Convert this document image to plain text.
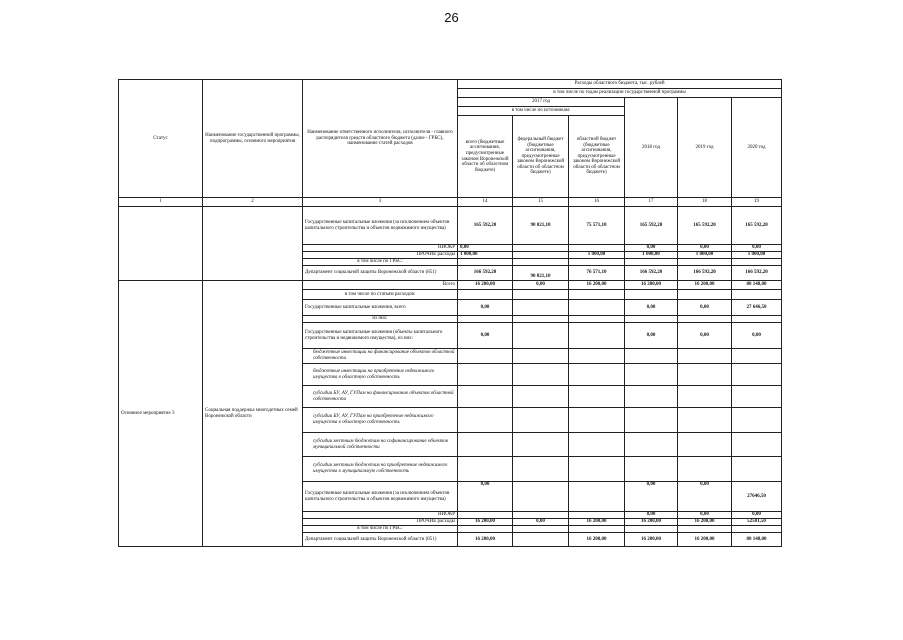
26
Статус	Наименование государственной программы, подпрограммы, основного мероприятия	Наименование ответственного исполнителя, исполнителя - главного распорядителя средств областного бюджета (далее - ГРБС), наименование статей расходов	Расходы областного бюджета, тыс. рублей					
			в том числе по годам реализации государственной программы					
			2017 год			2018 год	2019 год	2020 год
			в том числе по источникам:					
			всего (бюджетные ассигнования, предусмотренные законом Воронежской области об областном бюджете)	федеральный бюджет (бюджетные ассигнования, предусмотренные законом Воронежской области об областном бюджете)	областной бюджет (бюджетные ассигнования, предусмотренные законом Воронежской области об областном бюджете)			
1	2	3	14	15	16	17	18	19
		Государственные капитальные вложения (за исключением объектов капитального строительства и объектов недвижимого имущества)	165 592,20	90 021,10	75 571,10	165 592,20	165 592,20	165 592,20
		НИОКР	0,00			0,00	0,00	0,00
		ПРОЧИЕ расходы	1 000,00		1 000,00	1 000,00	1 000,00	1 000,00
		в том числе по ГРБС:						
		Департамент социальной защиты Воронежской области (851)	166 592,20	90 021,10	76 571,10	166 592,20	166 592,20	166 592,20
Основное мероприятие 3	Социальная поддержка многодетных семей Воронежской области	Всего	16 200,00	0,00	16 200,00	16 200,00	16 200,00	80 148,00
		в том числе по статьям расходов:						
		Государственные капитальные вложения, всего	0,00			0,00	0,00	27 646,50
		из них:						
		Государственные капитальные вложения (объекты капитального строительства и недвижимого имущества), из них:	0,00			0,00	0,00	0,00
		бюджетные инвестиции на финансирование объектов областной собственности						
		бюджетные инвестиции на приобретение недвижимого имущества в областную собственность						
		субсидии БУ, АУ, ГУПам на финансирование объектов областной собственности						
		субсидии БУ, АУ, ГУПам на приобретение недвижимого имущества в областную собственность						
		субсидии местным бюджетам на софинансирование объектов муниципальной собственности						
		субсидии местным бюджетам на приобретение недвижимого имущества в муниципальную собственность						
		Государственные капитальные вложения (за исключением объектов капитального строительства и объектов недвижимого имущества)	0,00			0,00	0,00	27646,50
		НИОКР				0,00	0,00	0,00
		ПРОЧИЕ расходы	16 200,00	0,00	16 200,00	16 200,00	16 200,00	52501,50
		в том числе по ГРБС:						
		Департамент социальной защиты Воронежской области (851)	16 200,00		16 200,00	16 200,00	16 200,00	80 148,00
